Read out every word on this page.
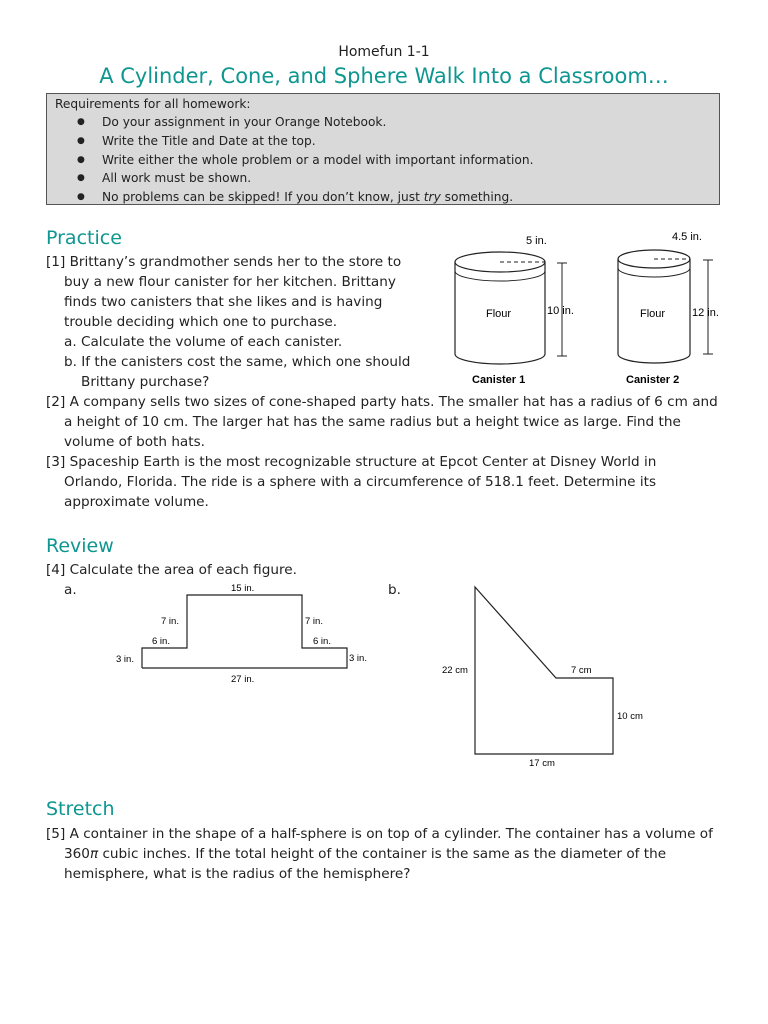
Homefun 1-1
A Cylinder, Cone, and Sphere Walk Into a Classroom…
Requirements for all homework:
● Do your assignment in your Orange Notebook.
● Write the Title and Date at the top.
● Write either the whole problem or a model with important information.
● All work must be shown.
● No problems can be skipped! If you don’t know, just try something.
Practice
[1] Brittany’s grandmother sends her to the store to
buy a new flour canister for her kitchen. Brittany
finds two canisters that she likes and is having
trouble deciding which one to purchase.
a. Calculate the volume of each canister.
b. If the canisters cost the same, which one should
Brittany purchase?
5 in.
10 in.
Flour
Canister 1
4.5 in.
12 in.
Flour
Canister 2
[2] A company sells two sizes of cone-shaped party hats. The smaller hat has a radius of 6 cm and
a height of 10 cm. The larger hat has the same radius but a height twice as large. Find the
volume of both hats.
[3] Spaceship Earth is the most recognizable structure at Epcot Center at Disney World in
Orlando, Florida. The ride is a sphere with a circumference of 518.1 feet. Determine its
approximate volume.
Review
[4] Calculate the area of each figure.
a.	b.
15 in.
7 in.	7 in.
6 in.	6 in.
3 in.	3 in.
27 in.
22 cm	7 cm
10 cm
17 cm
Stretch
[5] A container in the shape of a half-sphere is on top of a cylinder. The container has a volume of
360π cubic inches. If the total height of the container is the same as the diameter of the
hemisphere, what is the radius of the hemisphere?
